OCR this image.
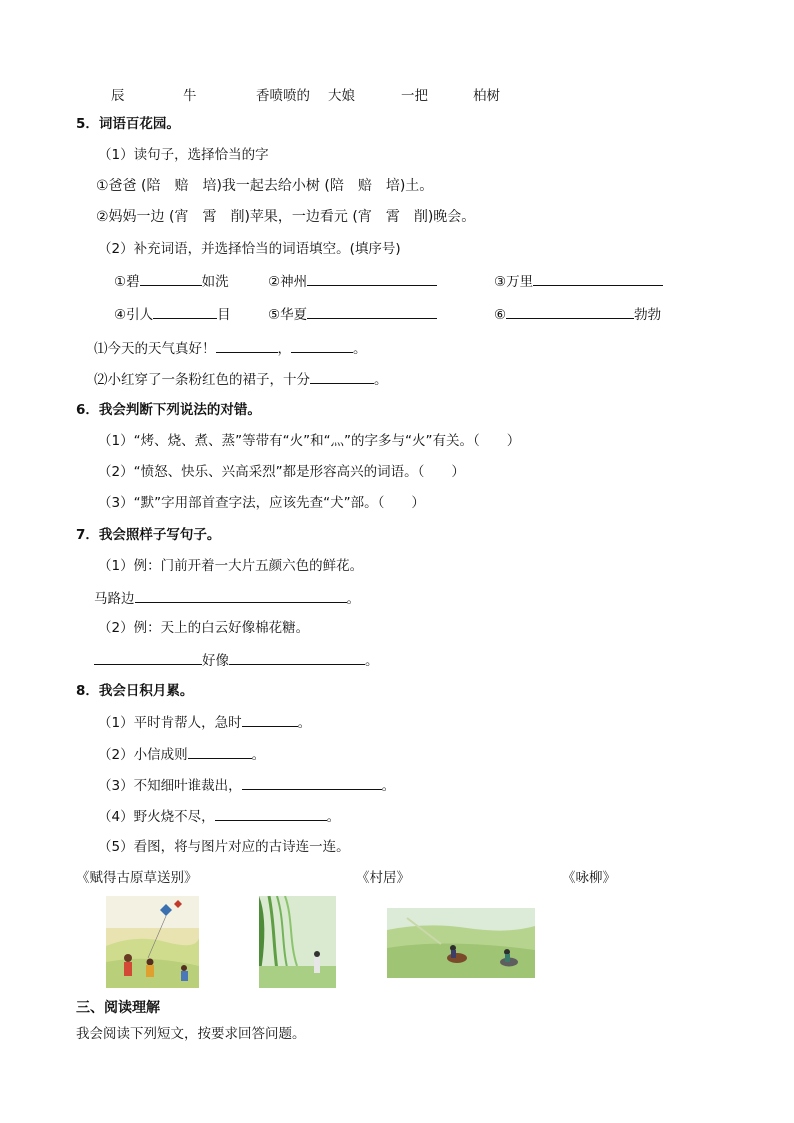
辰	牛	香喷喷的 大娘	一把	柏树
5．词语百花园。
（1）读句子，选择恰当的字
①爸爸 (陪　赔　培)我一起去给小树 (陪　赔　培)土。
②妈妈一边 (宵　霄　削)苹果，一边看元 (宵　霄　削)晚会。
（2）补充词语，并选择恰当的词语填空。(填序号)
①碧	如洗	②神州	③万里
④引人	目	⑤华夏	⑥	勃勃
⑴今天的天气真好！	，	。
⑵小红穿了一条粉红色的裙子，十分	。
6．我会判断下列说法的对错。
（1）“烤、烧、煮、蒸”等带有“火”和“灬”的字多与“火”有关。（　　）
（2）“愤怒、快乐、兴高采烈”都是形容高兴的词语。（　　）
（3）“默”字用部首查字法，应该先查“犬”部。（　　）
7．我会照样子写句子。
（1）例：门前开着一大片五颜六色的鲜花。
马路边	。
（2）例：天上的白云好像棉花糖。
好像	。
8．我会日积月累。
（1）平时肯帮人，急时	。
（2）小信成则	。
（3）不知细叶谁裁出，	。
（4）野火烧不尽，	。
（5）看图，将与图片对应的古诗连一连。
《赋得古原草送别》	《村居》	《咏柳》
三、阅读理解
我会阅读下列短文，按要求回答问题。
